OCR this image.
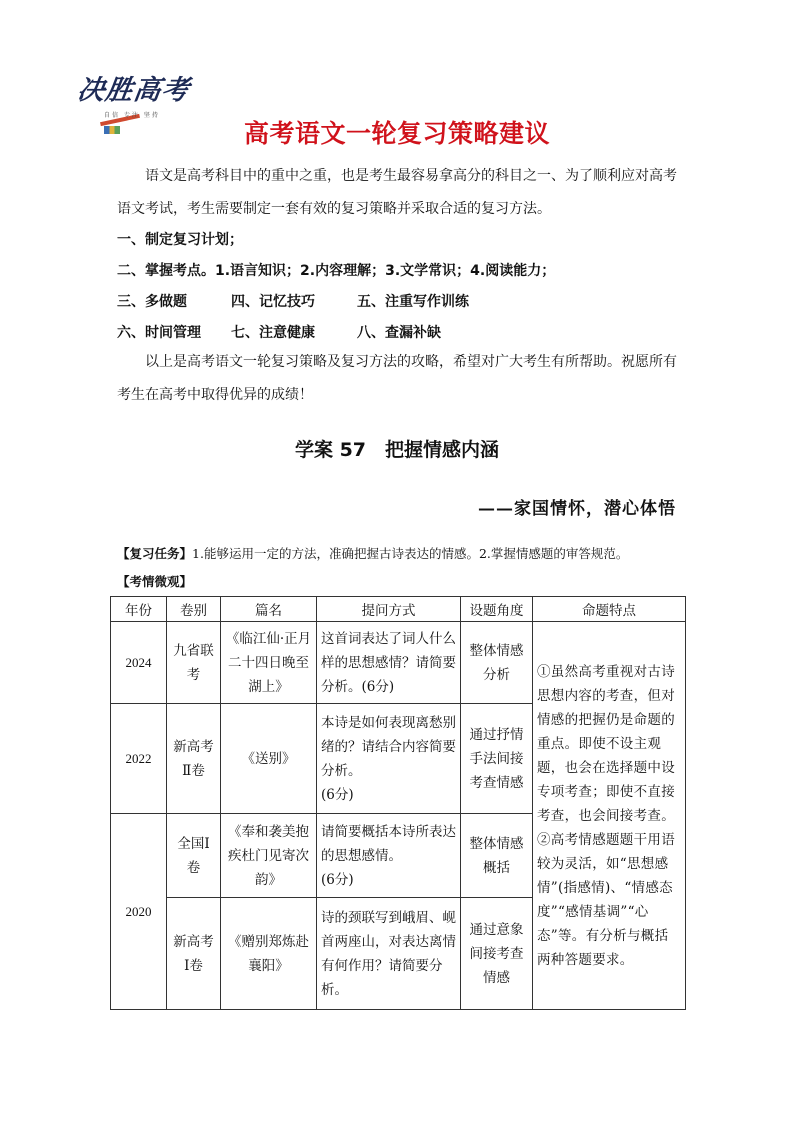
决胜高考
自信 专注 坚持
高考语文一轮复习策略建议
语文是高考科目中的重中之重，也是考生最容易拿高分的科目之一、为了顺利应对高考语文考试，考生需要制定一套有效的复习策略并采取合适的复习方法。
一、制定复习计划；
二、掌握考点。1.语言知识；2.内容理解；3.文学常识；4.阅读能力；
三、多做题	四、记忆技巧	五、注重写作训练
六、时间管理 七、注意健康	八、查漏补缺
以上是高考语文一轮复习策略及复习方法的攻略，希望对广大考生有所帮助。祝愿所有考生在高考中取得优异的成绩！
学案 57　把握情感内涵
——家国情怀，潜心体悟
【复习任务】1.能够运用一定的方法，准确把握古诗表达的情感。2.掌握情感题的审答规范。
【考情微观】
年份	卷别	篇名	提问方式	设题角度	命题特点
2024	九省联考	《临江仙·正月二十四日晚至湖上》	这首词表达了词人什么样的思想感情？请简要分析。(6分)	整体情感分析	①虽然高考重视对古诗思想内容的考查，但对情感的把握仍是命题的重点。即使不设主观题，也会在选择题中设专项考查；即使不直接考查，也会间接考查。②高考情感题题干用语较为灵活，如“思想感情”(指感情)、“情感态度”“感情基调”“心态”等。有分析与概括两种答题要求。
2022	新高考Ⅱ卷	《送别》	本诗是如何表现离愁别绪的？请结合内容简要分析。
(6分)	通过抒情手法间接考查情感	
2020	全国Ⅰ卷	《奉和袭美抱疾杜门见寄次韵》	请简要概括本诗所表达的思想感情。
(6分)	整体情感概括	
	新高考Ⅰ卷	《赠别郑炼赴襄阳》	诗的颈联写到峨眉、岘首两座山，对表达离情有何作用？请简要分析。	通过意象间接考查情感	
